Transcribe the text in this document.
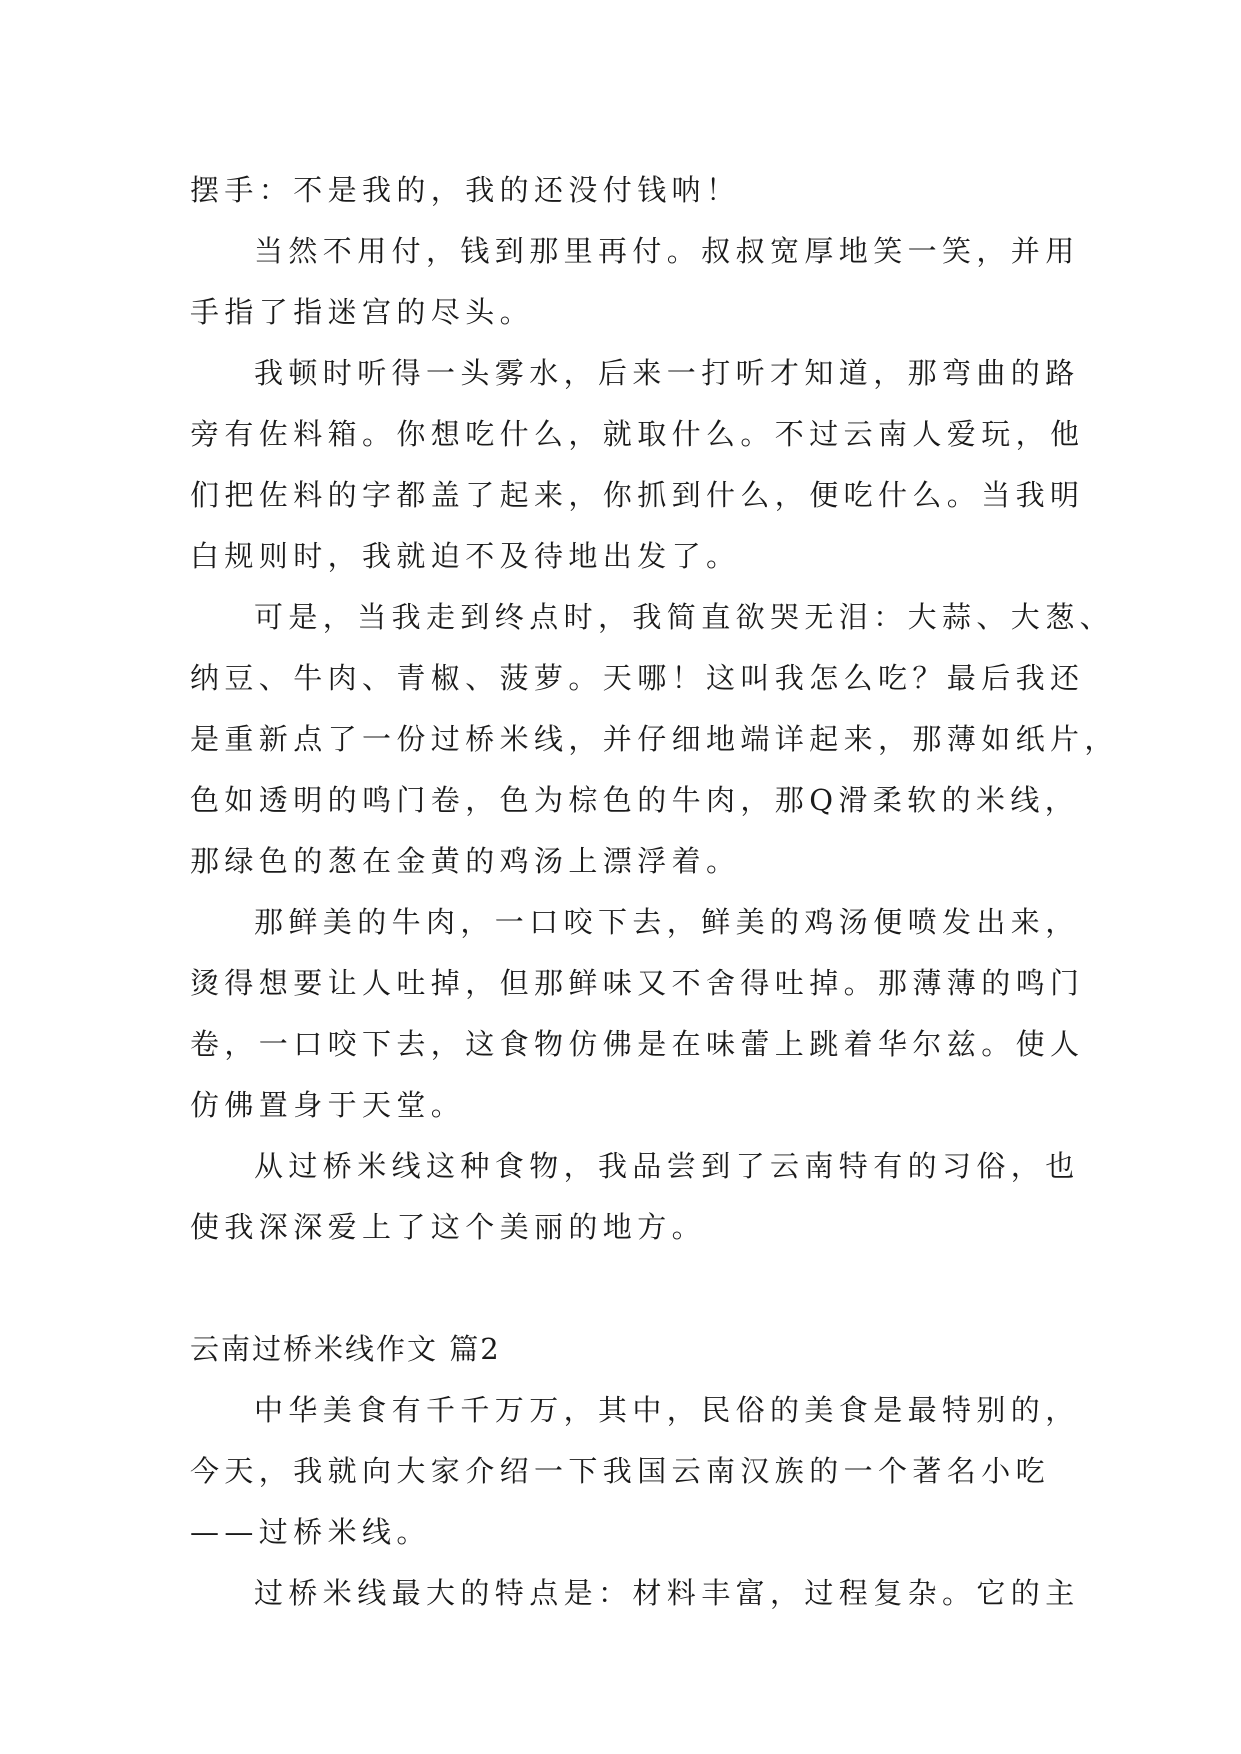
摆手：不是我的，我的还没付钱呐！
当然不用付，钱到那里再付。叔叔宽厚地笑一笑，并用
手指了指迷宫的尽头。
我顿时听得一头雾水，后来一打听才知道，那弯曲的路
旁有佐料箱。你想吃什么，就取什么。不过云南人爱玩，他
们把佐料的字都盖了起来，你抓到什么，便吃什么。当我明
白规则时，我就迫不及待地出发了。
可是，当我走到终点时，我简直欲哭无泪：大蒜、大葱、
纳豆、牛肉、青椒、菠萝。天哪！这叫我怎么吃？最后我还
是重新点了一份过桥米线，并仔细地端详起来，那薄如纸片，
色如透明的鸣门卷，色为棕色的牛肉，那Q滑柔软的米线，
那绿色的葱在金黄的鸡汤上漂浮着。
那鲜美的牛肉，一口咬下去，鲜美的鸡汤便喷发出来，
烫得想要让人吐掉，但那鲜味又不舍得吐掉。那薄薄的鸣门
卷，一口咬下去，这食物仿佛是在味蕾上跳着华尔兹。使人
仿佛置身于天堂。
从过桥米线这种食物，我品尝到了云南特有的习俗，也
使我深深爱上了这个美丽的地方。
云南过桥米线作文 篇2
中华美食有千千万万，其中，民俗的美食是最特别的，
今天，我就向大家介绍一下我国云南汉族的一个著名小吃
——过桥米线。
过桥米线最大的特点是：材料丰富，过程复杂。它的主
